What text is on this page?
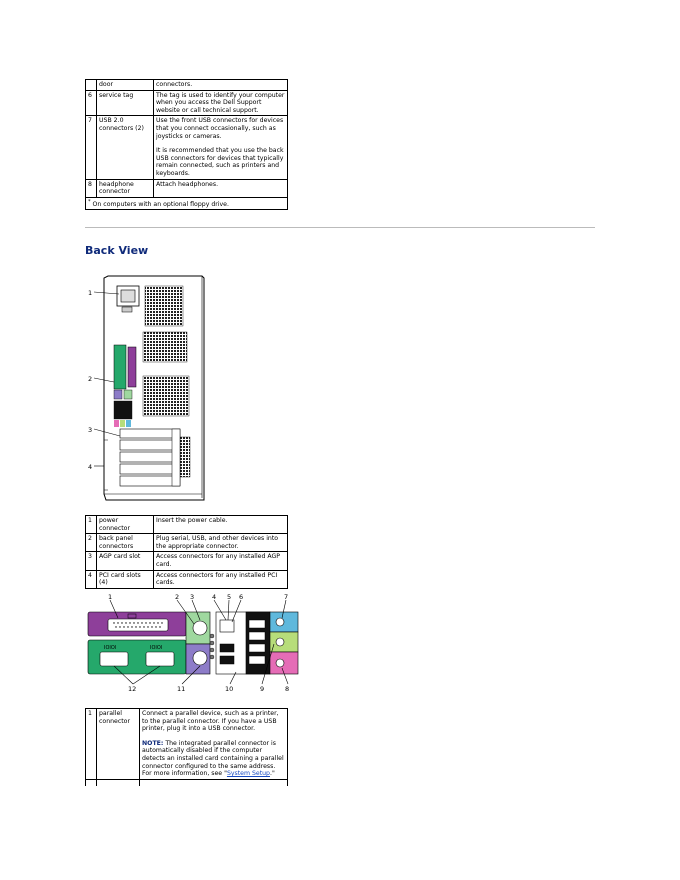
	door	connectors.
6	service tag	The tag is used to identify your computer when you access the Dell Support website or call technical support.
7	USB 2.0 connectors (2)	Use the front USB connectors for devices that you connect occasionally, such as joysticks or cameras.
It is recommended that you use the back USB connectors for devices that typically remain connected, such as printers and keyboards.

8	headphone connector	Attach headphones.
* On computers with an optional floppy drive.		
Back View
1
2
3
4
1	power connector	Insert the power cable.
2	back panel connectors	Plug serial, USB, and other devices into the appropriate connector.
3	AGP card slot	Access connectors for any installed AGP card.
4	PCI card slots (4)	Access connectors for any installed PCI cards.
IOIOI	IOIOI
1	2 3	4 5 6	7
12	11	10	9	8
1	parallel connector	Connect a parallel device, such as a printer, to the parallel connector. If you have a USB printer, plug it into a USB connector.
NOTE: The integrated parallel connector is automatically disabled if the computer detects an installed card containing a parallel connector configured to the same address. For more information, see "System Setup."
